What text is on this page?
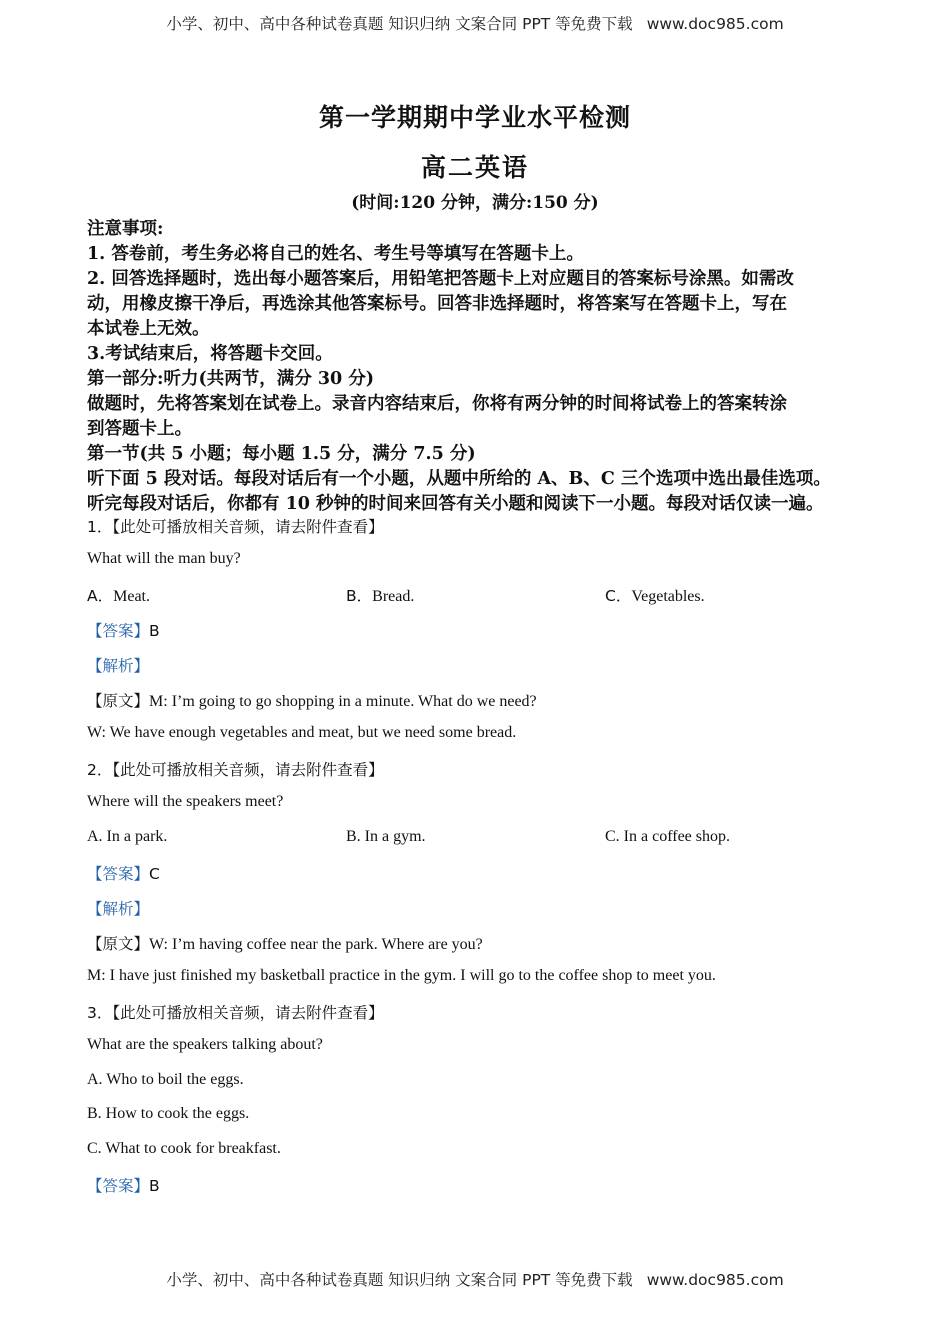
小学、初中、高中各种试卷真题 知识归纳 文案合同 PPT 等免费下载 www.doc985.com
第一学期期中学业水平检测
高二英语
(时间:120 分钟，满分:150 分)
注意事项:
1. 答卷前，考生务必将自己的姓名、考生号等填写在答题卡上。
2. 回答选择题时，选出每小题答案后，用铅笔把答题卡上对应题目的答案标号涂黑。如需改
动，用橡皮擦干净后，再选涂其他答案标号。回答非选择题时，将答案写在答题卡上，写在
本试卷上无效。
3.考试结束后，将答题卡交回。
第一部分:听力(共两节，满分 30 分)
做题时，先将答案划在试卷上。录音内容结束后，你将有两分钟的时间将试卷上的答案转涂
到答题卡上。
第一节(共 5 小题；每小题 1.5 分，满分 7.5 分)
听下面 5 段对话。每段对话后有一个小题，从题中所给的 A、B、C 三个选项中选出最佳选项。
听完每段对话后，你都有 10 秒钟的时间来回答有关小题和阅读下一小题。每段对话仅读一遍。
1．【此处可播放相关音频，请去附件查看】
What will the man buy?
A．Meat.	B．Bread.	C．Vegetables.
【答案】B
【解析】
【原文】M: I’m going to go shopping in a minute. What do we need?
W: We have enough vegetables and meat, but we need some bread.
2．【此处可播放相关音频，请去附件查看】
Where will the speakers meet?
A. In a park.	B. In a gym.	C. In a coffee shop.
【答案】C
【解析】
【原文】W: I’m having coffee near the park. Where are you?
M: I have just finished my basketball practice in the gym. I will go to the coffee shop to meet you.
3．【此处可播放相关音频，请去附件查看】
What are the speakers talking about?
A. Who to boil the eggs.
B. How to cook the eggs.
C. What to cook for breakfast.
【答案】B
小学、初中、高中各种试卷真题 知识归纳 文案合同 PPT 等免费下载 www.doc985.com
